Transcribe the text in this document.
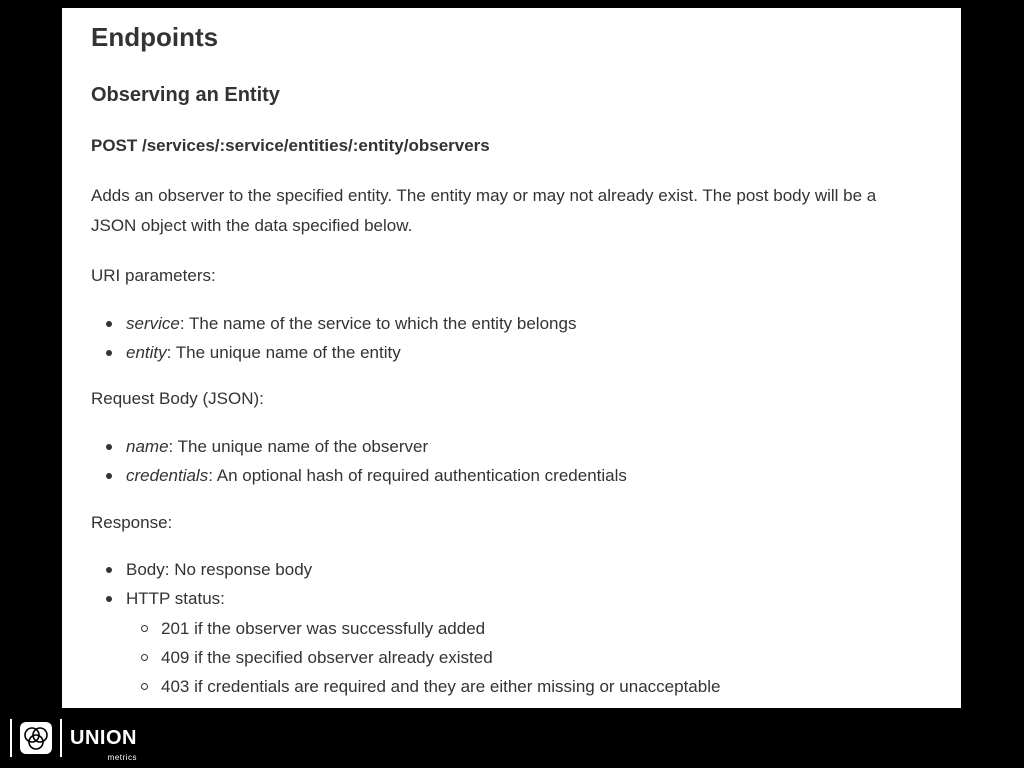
Endpoints
Observing an Entity
POST /services/:service/entities/:entity/observers
Adds an observer to the specified entity. The entity may or may not already exist. The post body will be a JSON object with the data specified below.
URI parameters:
service: The name of the service to which the entity belongs
entity: The unique name of the entity
Request Body (JSON):
name: The unique name of the observer
credentials: An optional hash of required authentication credentials
Response:
Body: No response body
HTTP status:
201 if the observer was successfully added
409 if the specified observer already existed
403 if credentials are required and they are either missing or unacceptable
UNION
metrics
